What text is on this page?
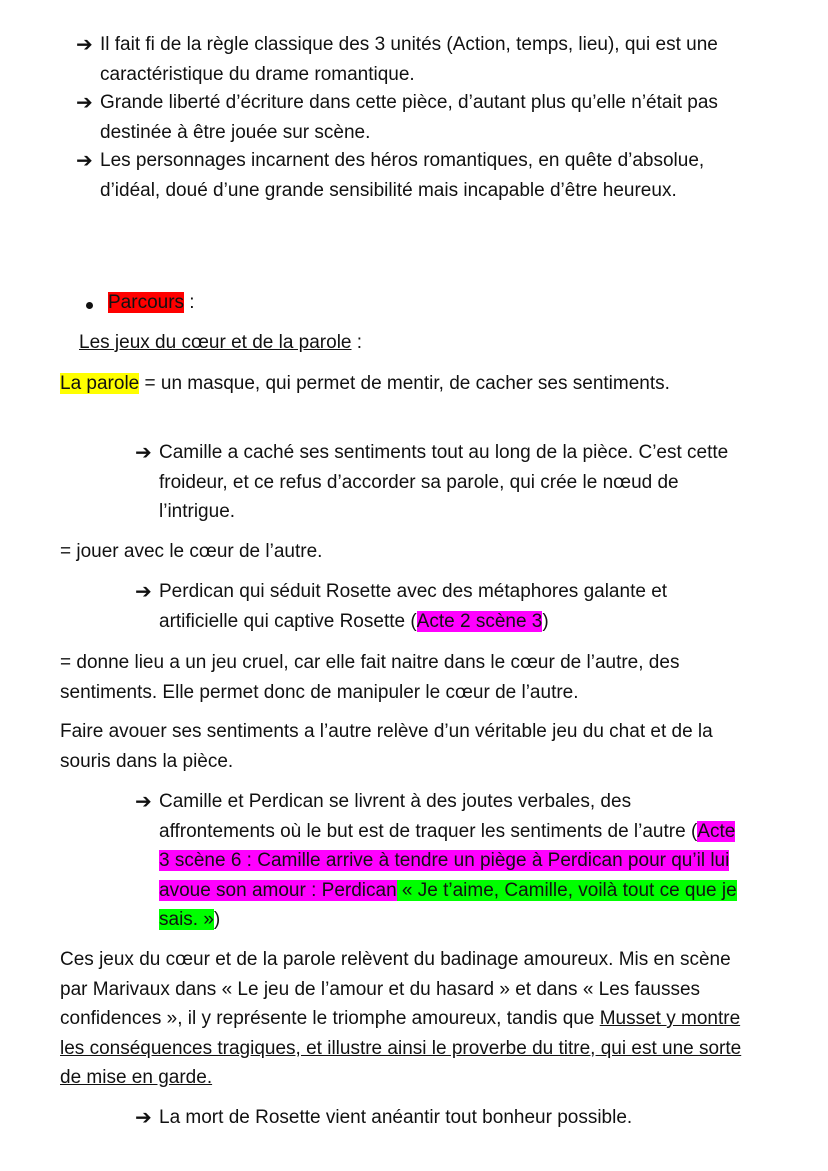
➔ Il fait fi de la règle classique des 3 unités (Action, temps, lieu), qui est une caractéristique du drame romantique.
➔ Grande liberté d’écriture dans cette pièce, d’autant plus qu’elle n’était pas destinée à être jouée sur scène.
➔ Les personnages incarnent des héros romantiques, en quête d’absolue, d’idéal, doué d’une grande sensibilité mais incapable d’être heureux.
Parcours :
Les jeux du cœur et de la parole :
La parole = un masque, qui permet de mentir, de cacher ses sentiments.
➔ Camille a caché ses sentiments tout au long de la pièce. C’est cette froideur, et ce refus d’accorder sa parole, qui crée le nœud de l’intrigue.
= jouer avec le cœur de l’autre.
➔ Perdican qui séduit Rosette avec des métaphores galante et artificielle qui captive Rosette (Acte 2 scène 3)
= donne lieu a un jeu cruel, car elle fait naitre dans le cœur de l’autre, des sentiments. Elle permet donc de manipuler le cœur de l’autre.
Faire avouer ses sentiments a l’autre relève d’un véritable jeu du chat et de la souris dans la pièce.
➔ Camille et Perdican se livrent à des joutes verbales, des affrontements où le but est de traquer les sentiments de l’autre (Acte 3 scène 6 : Camille arrive à tendre un piège à Perdican pour qu’il lui avoue son amour : Perdican « Je t’aime, Camille, voilà tout ce que je sais. »)
Ces jeux du cœur et de la parole relèvent du badinage amoureux. Mis en scène par Marivaux dans « Le jeu de l’amour et du hasard » et dans « Les fausses confidences », il y représente le triomphe amoureux, tandis que Musset y montre les conséquences tragiques, et illustre ainsi le proverbe du titre, qui est une sorte de mise en garde.
➔ La mort de Rosette vient anéantir tout bonheur possible.
